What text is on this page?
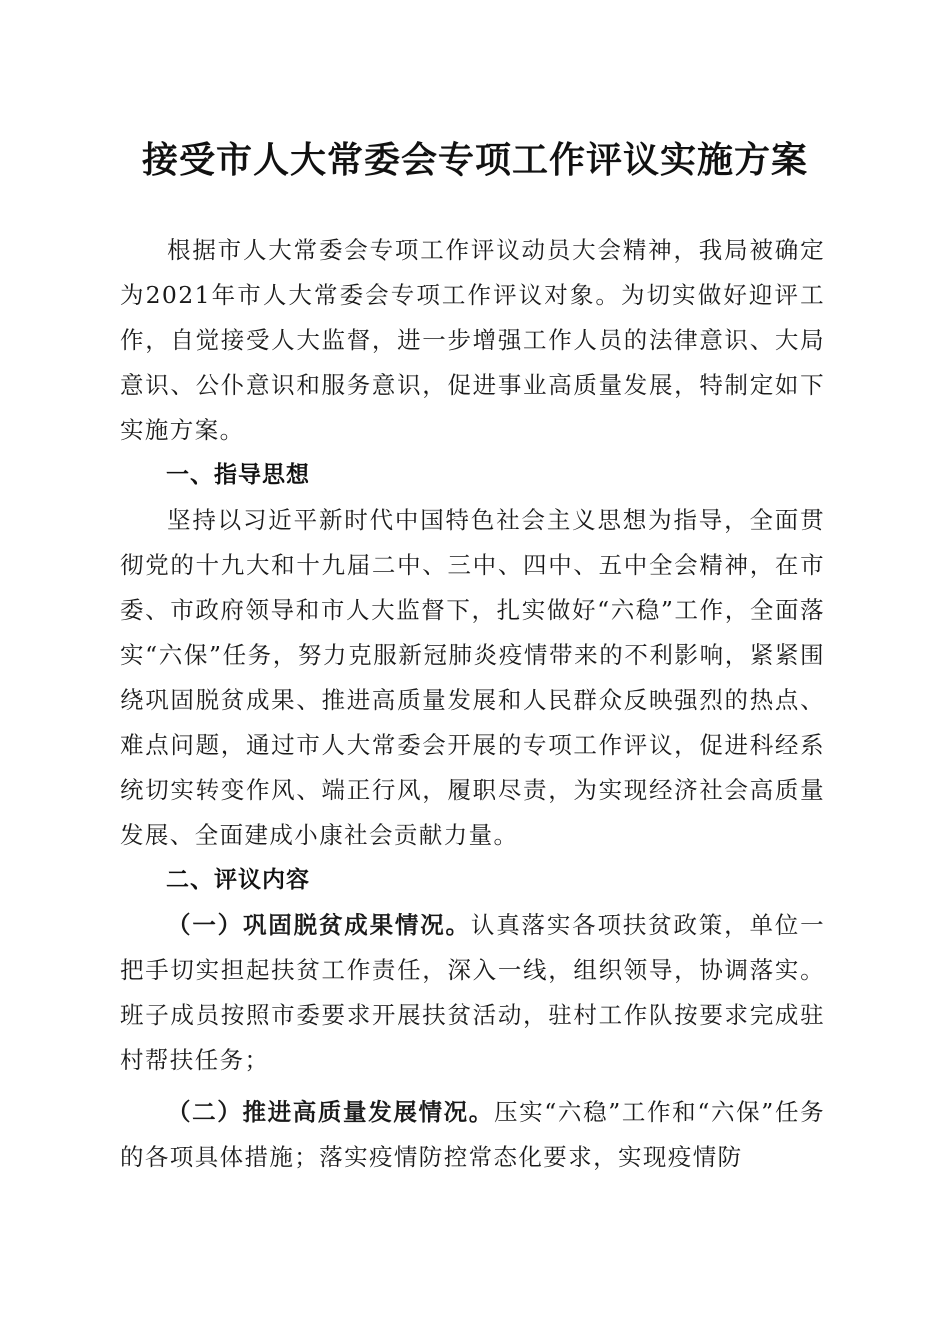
接受市人大常委会专项工作评议实施方案

根据市人大常委会专项工作评议动员大会精神，我局被确定为2021年市人大常委会专项工作评议对象。为切实做好迎评工作，自觉接受人大监督，进一步增强工作人员的法律意识、大局意识、公仆意识和服务意识，促进事业高质量发展，特制定如下实施方案。

一、指导思想

坚持以习近平新时代中国特色社会主义思想为指导，全面贯彻党的十九大和十九届二中、三中、四中、五中全会精神，在市委、市政府领导和市人大监督下，扎实做好“六稳”工作，全面落实“六保”任务，努力克服新冠肺炎疫情带来的不利影响，紧紧围绕巩固脱贫成果、推进高质量发展和人民群众反映强烈的热点、难点问题，通过市人大常委会开展的专项工作评议，促进科经系统切实转变作风、端正行风，履职尽责，为实现经济社会高质量发展、全面建成小康社会贡献力量。

二、评议内容

（一）巩固脱贫成果情况。认真落实各项扶贫政策，单位一把手切实担起扶贫工作责任，深入一线，组织领导，协调落实。班子成员按照市委要求开展扶贫活动，驻村工作队按要求完成驻村帮扶任务；

（二）推进高质量发展情况。压实“六稳”工作和“六保”任务的各项具体措施；落实疫情防控常态化要求，实现疫情防
